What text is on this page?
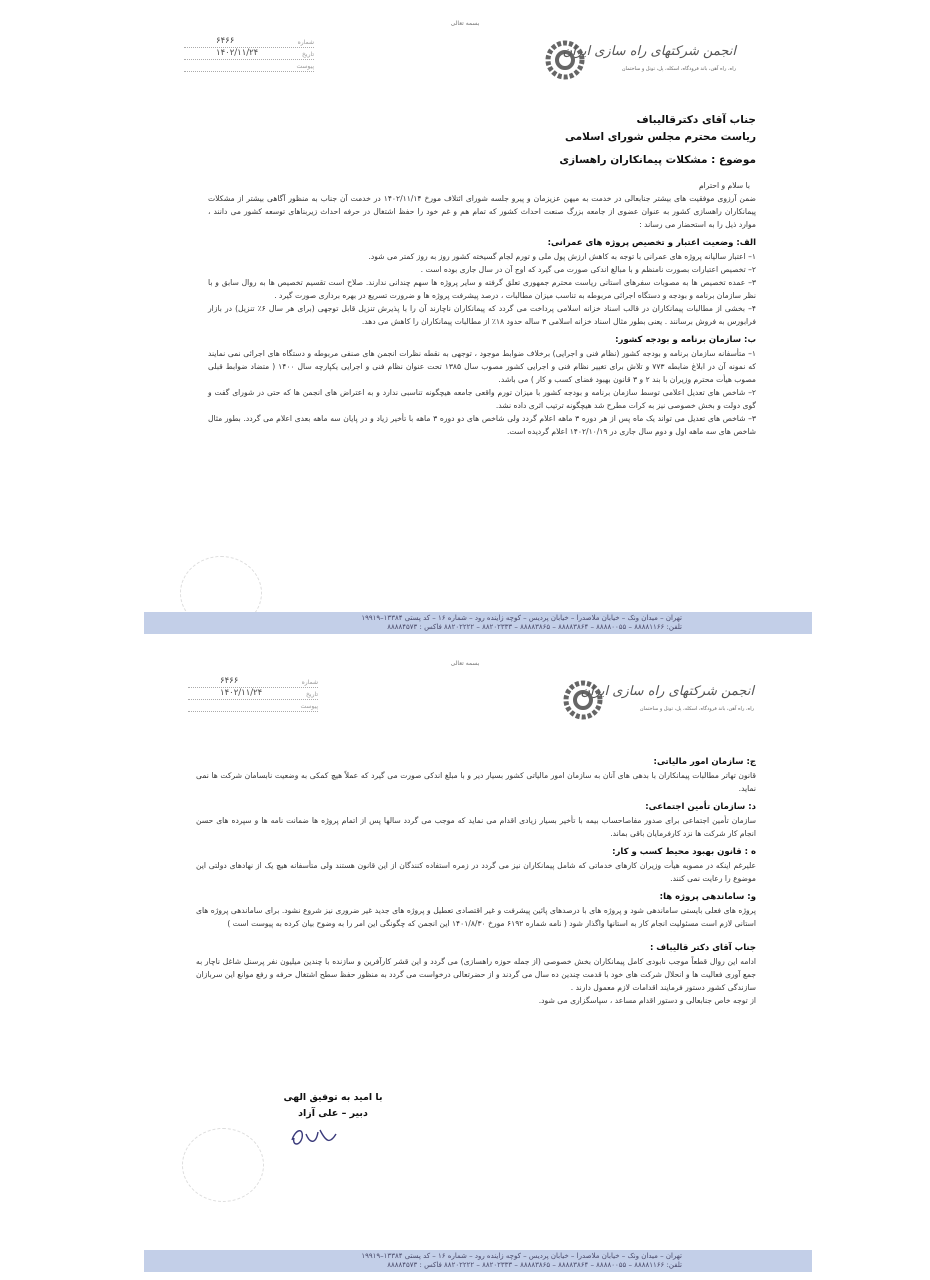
بسمه تعالی
۶۴۶۶	شماره
۱۴۰۲/۱۱/۲۴	تاریخ
پیوست
انجمن شرکتهای راه سازی ایران
راه، راه آهن، باند فرودگاه، اسکله، پل، تونل و ساختمان

جناب آقای دکترقالیباف

ریاست محترم مجلس شورای اسلامی

موضوع : مشکلات پیمانکاران راهسازی

با سلام و احترام

ضمن آرزوی موفقیت های بیشتر جنابعالی در خدمت به میهن عزیزمان و پیرو جلسه شورای ائتلاف مورخ ۱۴۰۲/۱۱/۱۴ در خدمت آن جناب به منظور آگاهی بیشتر از مشکلات پیمانکاران راهسازی کشور به عنوان عضوی از جامعه بزرگ صنعت احداث کشور که تمام هم و غم خود را حفظ اشتغال در حرفه احداث زیربناهای توسعه کشور می دانند ، موارد ذیل را به استحضار می رساند :

الف: وضعیت اعتبار و تخصیص پروژه های عمرانی:

۱– اعتبار سالیانه پروژه های عمرانی با توجه به کاهش ارزش پول ملی و تورم لجام گسیخته کشور روز به روز کمتر می شود.

۲– تخصیص اعتبارات بصورت نامنظم و با مبالغ اندکی صورت می گیرد که اوج آن در سال جاری بوده است .

۳– عمده تخصیص ها به مصوبات سفرهای استانی ریاست محترم جمهوری تعلق گرفته و سایر پروژه ها سهم چندانی ندارند. صلاح است تقسیم تخصیص ها به روال سابق و با نظر سازمان برنامه و بودجه و دستگاه اجرائی مربوطه به تناسب میزان مطالبات ، درصد پیشرفت پروژه ها و ضرورت تسریع در بهره برداری صورت گیرد .

۴– بخشی از مطالبات پیمانکاران در قالب اسناد خزانه اسلامی پرداخت می گردد که پیمانکاران ناچارند آن را با پذیرش تنزیل قابل توجهی (برای هر سال ۶٪ تنزیل) در بازار فرابورس به فروش برسانند . یعنی بطور مثال اسناد خزانه اسلامی ۳ ساله حدود ۱۸٪ از مطالبات پیمانکاران را کاهش می دهد.

ب: سازمان برنامه و بودجه کشور:

۱– متأسفانه سازمان برنامه و بودجه کشور (نظام فنی و اجرایی) برخلاف ضوابط موجود ، توجهی به نقطه نظرات انجمن های صنفی مربوطه و دستگاه های اجرائی نمی نمایند که نمونه آن در ابلاغ ضابطه ۷۷۳ و تلاش برای تغییر نظام فنی و اجرایی کشور مصوب سال ۱۳۸۵ تحت عنوان نظام فنی و اجرایی یکپارچه سال ۱۴۰۰ ( متضاد ضوابط قبلی مصوب هیأت محترم وزیران با بند ۲ و ۳ قانون بهبود فضای کسب و کار ) می باشد.

۲– شاخص های تعدیل اعلامی توسط سازمان برنامه و بودجه کشور با میزان تورم واقعی جامعه هیچگونه تناسبی ندارد و به اعتراض های انجمن ها که حتی در شورای گفت و گوی دولت و بخش خصوصی نیز به کرات مطرح شد هیچگونه ترتیب اثری داده نشد.

۳– شاخص های تعدیل می تواند یک ماه پس از هر دوره ۳ ماهه اعلام گردد ولی شاخص های دو دوره ۳ ماهه با تأخیر زیاد و در پایان سه ماهه بعدی اعلام می گردد. بطور مثال شاخص های سه ماهه اول و دوم سال جاری در ۱۴۰۲/۱۰/۱۹ اعلام گردیده است.

تهران – میدان ونک – خیابان ملاصدرا – خیابان پردیس – کوچه زاینده رود – شماره ۱۶ – کد پستی ۱۳۳۸۴–۱۹۹۱۹
تلفن: ۸۸۸۸۱۱۶۶ – ۸۸۸۸۰۰۵۵ – ۸۸۸۸۳۸۶۴ – ۸۸۸۸۳۸۶۵ – ۸۸۲۰۲۳۳۳ – ۸۸۲۰۲۲۲۲ فاکس : ۸۸۸۸۴۵۷۳
بسمه تعالی
۶۴۶۶	شماره
۱۴۰۲/۱۱/۲۴	تاریخ
پیوست
انجمن شرکتهای راه سازی ایران
راه، راه آهن، باند فرودگاه، اسکله، پل، تونل و ساختمان

ج: سازمان امور مالیاتی:

قانون تهاتر مطالبات پیمانکاران با بدهی های آنان به سازمان امور مالیاتی کشور بسیار دیر و با مبلغ اندکی صورت می گیرد که عملاً هیچ کمکی به وضعیت نابسامان شرکت ها نمی نماید.

د: سازمان تأمین اجتماعی:

سازمان تأمین اجتماعی برای صدور مفاصاحساب بیمه با تأخیر بسیار زیادی اقدام می نماید که موجب می گردد سالها پس از اتمام پروژه ها ضمانت نامه ها و سپرده های حسن انجام کار شرکت ها نزد کارفرمایان باقی بماند.

ه : قانون بهبود محیط کسب و کار:

علیرغم اینکه در مصوبه هیأت وزیران کارهای خدماتی که شامل پیمانکاران نیز می گردد در زمره استفاده کنندگان از این قانون هستند ولی متأسفانه هیچ یک از نهادهای دولتی این موضوع را رعایت نمی کنند.

و: ساماندهی پروژه ها:

پروژه های فعلی بایستی ساماندهی شود و پروژه های با درصدهای پائین پیشرفت و غیر اقتصادی تعطیل و پروژه های جدید غیر ضروری نیز شروع نشود. برای ساماندهی پروژه های استانی لازم است مسئولیت انجام کار به استانها واگذار شود ( نامه شماره ۶۱۹۲ مورخ ۱۴۰۱/۸/۳۰ این انجمن که چگونگی این امر را به وضوح بیان کرده به پیوست است )

جناب آقای دکتر قالیباف :

ادامه این روال قطعاً موجب نابودی کامل پیمانکاران بخش خصوصی (از جمله حوزه راهسازی) می گردد و این قشر کارآفرین و سازنده با چندین میلیون نفر پرسنل شاغل ناچار به جمع آوری فعالیت ها و انحلال شرکت های خود با قدمت چندین ده سال می گردند و از حضرتعالی درخواست می گردد به منظور حفظ سطح اشتغال حرفه و رفع موانع این سربازان سازندگی کشور دستور فرمایند اقدامات لازم معمول دارند .

از توجه خاص جنابعالی و دستور اقدام مساعد ، سپاسگزاری می شود.

با امید به توفیق الهی
دبیر – علی آزاد
تهران – میدان ونک – خیابان ملاصدرا – خیابان پردیس – کوچه زاینده رود – شماره ۱۶ – کد پستی ۱۳۳۸۴–۱۹۹۱۹
تلفن: ۸۸۸۸۱۱۶۶ – ۸۸۸۸۰۰۵۵ – ۸۸۸۸۳۸۶۴ – ۸۸۸۸۳۸۶۵ – ۸۸۲۰۲۳۳۳ – ۸۸۲۰۲۲۲۲ فاکس : ۸۸۸۸۴۵۷۳
